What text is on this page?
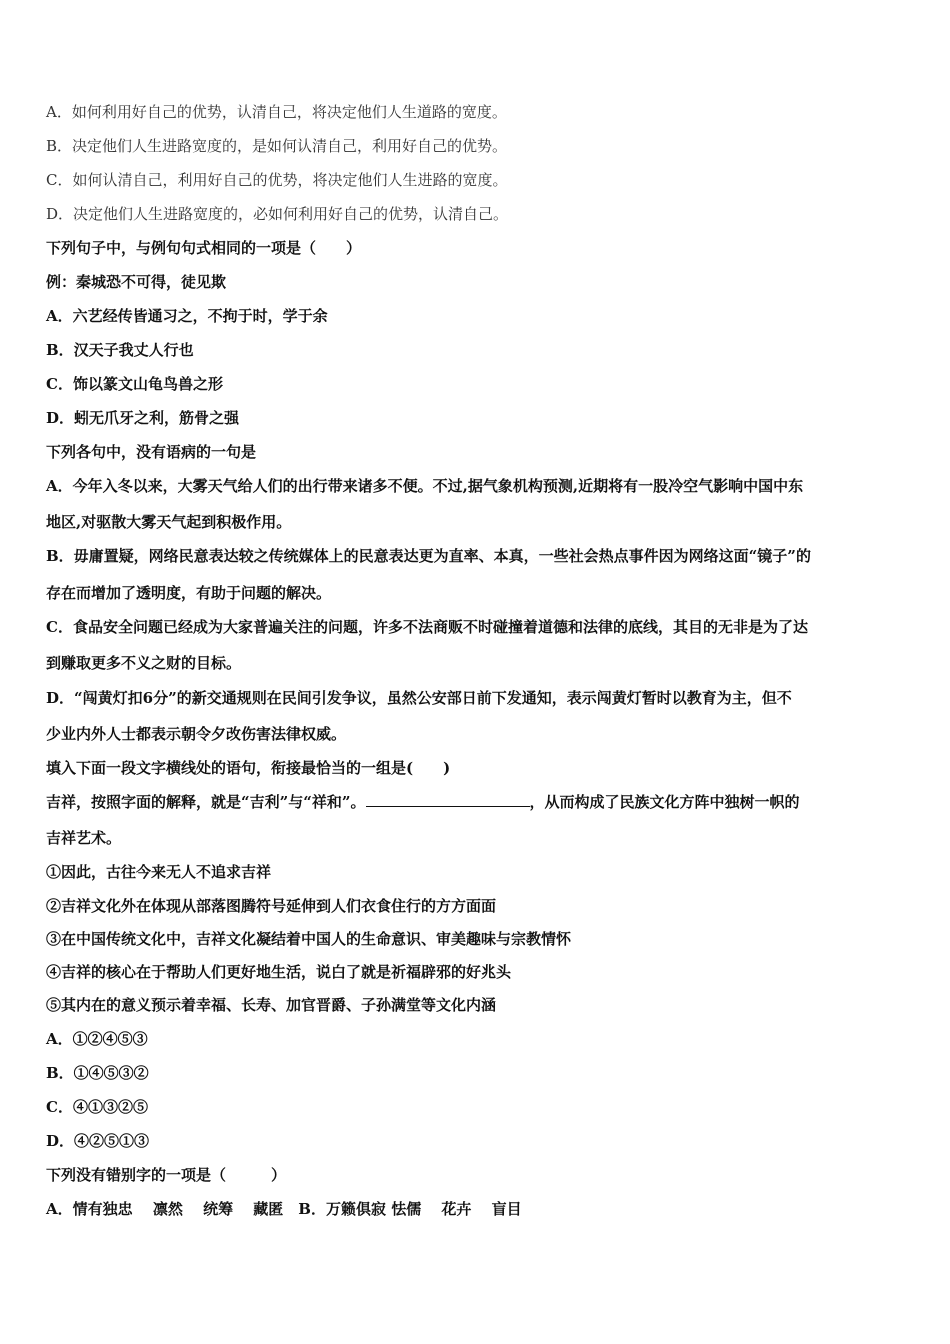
A．如何利用好自己的优势，认清自己，将决定他们人生道路的宽度。
B．决定他们人生进路宽度的，是如何认清自己，利用好自己的优势。
C．如何认清自己，利用好自己的优势，将决定他们人生进路的宽度。
D．决定他们人生进路宽度的，必如何利用好自己的优势，认清自己。
下列句子中，与例句句式相同的一项是（　　）
例：秦城恐不可得，徒见欺
A．六艺经传皆通习之，不拘于时，学于余
B．汉天子我丈人行也
C．饰以篆文山龟鸟兽之形
D．蚓无爪牙之利，筋骨之强
下列各句中，没有语病的一句是
A．今年入冬以来，大雾天气给人们的出行带来诸多不便。不过,据气象机构预测,近期将有一股冷空气影响中国中东
地区,对驱散大雾天气起到积极作用。
B．毋庸置疑，网络民意表达较之传统媒体上的民意表达更为直率、本真，一些社会热点事件因为网络这面“镜子”的
存在而增加了透明度，有助于问题的解决。
C．食品安全问题已经成为大家普遍关注的问题，许多不法商贩不时碰撞着道德和法律的底线，其目的无非是为了达
到赚取更多不义之财的目标。
D．“闯黄灯扣6分”的新交通规则在民间引发争议，虽然公安部日前下发通知，表示闯黄灯暂时以教育为主，但不
少业内外人士都表示朝令夕改伤害法律权威。
填入下面一段文字横线处的语句，衔接最恰当的一组是(　　)
吉祥，按照字面的解释，就是“吉利”与“祥和”。	，从而构成了民族文化方阵中独树一帜的
吉祥艺术。
①因此，古往今来无人不追求吉祥
②吉祥文化外在体现从部落图腾符号延伸到人们衣食住行的方方面面
③在中国传统文化中，吉祥文化凝结着中国人的生命意识、审美趣味与宗教情怀
④吉祥的核心在于帮助人们更好地生活，说白了就是祈福辟邪的好兆头
⑤其内在的意义预示着幸福、长寿、加官晋爵、子孙满堂等文化内涵
A．①②④⑤③
B．①④⑤③②
C．④①③②⑤
D．④②⑤①③
下列没有错别字的一项是（　　　）
A．情有独忠　 凛然　 统筹　 藏匿　B．万籁俱寂 怯儒　 花卉　 盲目
